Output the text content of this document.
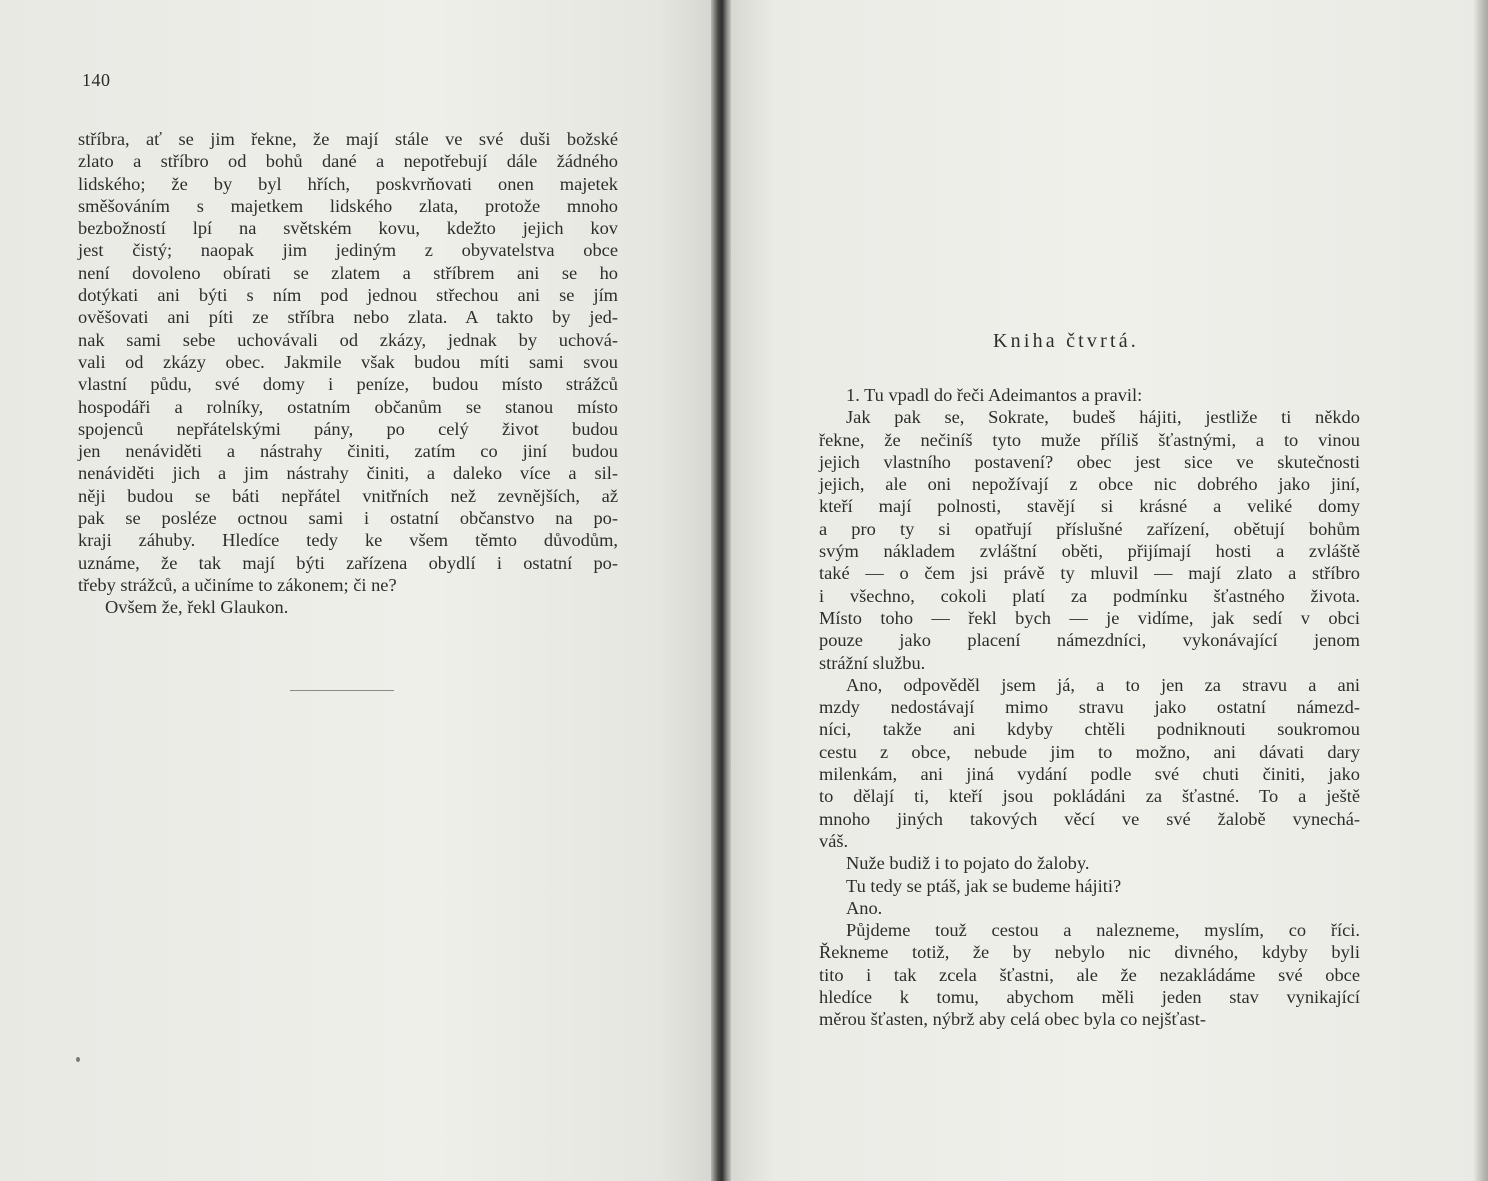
140
stříbra, ať se jim řekne, že mají stále ve své duši božské
zlato a stříbro od bohů dané a nepotřebují dále žádného
lidského; že by byl hřích, poskvrňovati onen majetek
směšováním s majetkem lidského zlata, protože mnoho
bezbožností lpí na světském kovu, kdežto jejich kov
jest čistý; naopak jim jediným z obyvatelstva obce
není dovoleno obírati se zlatem a stříbrem ani se ho
dotýkati ani býti s ním pod jednou střechou ani se jím
ověšovati ani píti ze stříbra nebo zlata. A takto by jed-
nak sami sebe uchovávali od zkázy, jednak by uchová-
vali od zkázy obec. Jakmile však budou míti sami svou
vlastní půdu, své domy i peníze, budou místo strážců
hospodáři a rolníky, ostatním občanům se stanou místo
spojenců nepřátelskými pány, po celý život budou
jen nenáviděti a nástrahy činiti, zatím co jiní budou
nenáviděti jich a jim nástrahy činiti, a daleko více a sil-
něji budou se báti nepřátel vnitřních než zevnějších, až
pak se posléze octnou sami i ostatní občanstvo na po-
kraji záhuby. Hledíce tedy ke všem těmto důvodům,
uznáme, že tak mají býti zařízena obydlí i ostatní po-
třeby strážců, a učiníme to zákonem; či ne?
Ovšem že, řekl Glaukon.
Kniha čtvrtá.
1. Tu vpadl do řeči Adeimantos a pravil:
Jak pak se, Sokrate, budeš hájiti, jestliže ti někdo
řekne, že nečiníš tyto muže příliš šťastnými, a to vinou
jejich vlastního postavení? obec jest sice ve skutečnosti
jejich, ale oni nepožívají z obce nic dobrého jako jiní,
kteří mají polnosti, stavějí si krásné a veliké domy
a pro ty si opatřují příslušné zařízení, obětují bohům
svým nákladem zvláštní oběti, přijímají hosti a zvláště
také — o čem jsi právě ty mluvil — mají zlato a stříbro
i všechno, cokoli platí za podmínku šťastného života.
Místo toho — řekl bych — je vidíme, jak sedí v obci
pouze jako placení námezdníci, vykonávající jenom
strážní službu.
Ano, odpověděl jsem já, a to jen za stravu a ani
mzdy nedostávají mimo stravu jako ostatní námezd-
níci, takže ani kdyby chtěli podniknouti soukromou
cestu z obce, nebude jim to možno, ani dávati dary
milenkám, ani jiná vydání podle své chuti činiti, jako
to dělají ti, kteří jsou pokládáni za šťastné. To a ještě
mnoho jiných takových věcí ve své žalobě vynechá-
váš.
Nuže budiž i to pojato do žaloby.
Tu tedy se ptáš, jak se budeme hájiti?
Ano.
Půjdeme touž cestou a nalezneme, myslím, co říci.
Řekneme totiž, že by nebylo nic divného, kdyby byli
tito i tak zcela šťastni, ale že nezakládáme své obce
hledíce k tomu, abychom měli jeden stav vynikající
měrou šťasten, nýbrž aby celá obec byla co nejšťast-
